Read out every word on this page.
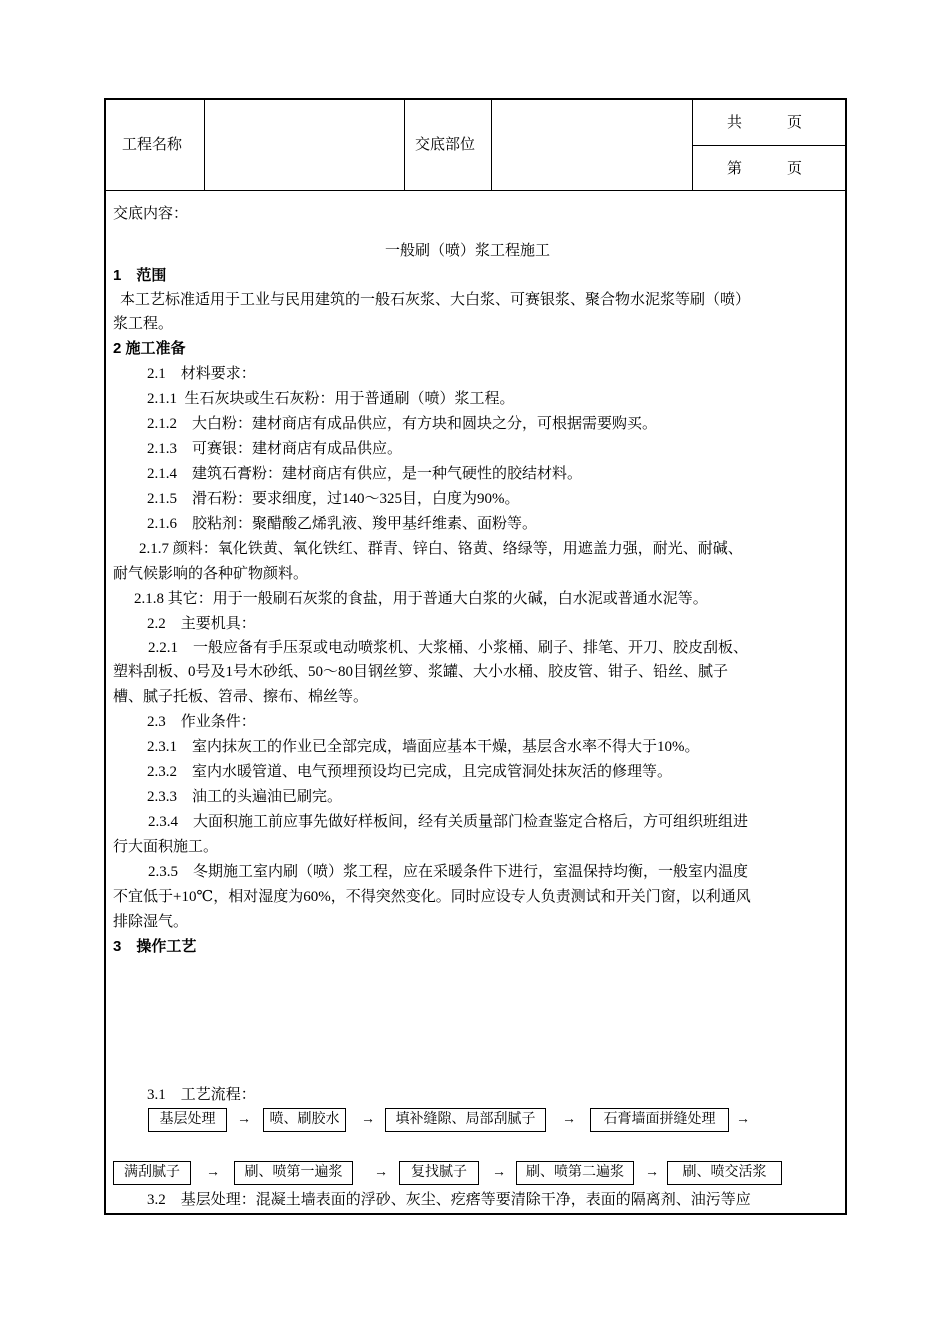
工程名称	交底部位
共　　　页
第　　　页
交底内容：
一般刷（喷）浆工程施工
1　范围
本工艺标准适用于工业与民用建筑的一般石灰浆、大白浆、可赛银浆、聚合物水泥浆等刷（喷）
浆工程。
2 施工准备
2.1　材料要求：
2.1.1  生石灰块或生石灰粉：用于普通刷（喷）浆工程。
2.1.2　大白粉：建材商店有成品供应，有方块和圆块之分，可根据需要购买。
2.1.3　可赛银：建材商店有成品供应。
2.1.4　建筑石膏粉：建材商店有供应，是一种气硬性的胶结材料。
2.1.5　滑石粉：要求细度，过140～325目，白度为90%。
2.1.6　胶粘剂：聚醋酸乙烯乳液、羧甲基纤维素、面粉等。
2.1.7 颜料：氧化铁黄、氧化铁红、群青、锌白、铬黄、络绿等，用遮盖力强，耐光、耐碱、
耐气候影响的各种矿物颜料。
2.1.8 其它：用于一般刷石灰浆的食盐，用于普通大白浆的火碱，白水泥或普通水泥等。
2.2　主要机具：
2.2.1　一般应备有手压泵或电动喷浆机、大浆桶、小浆桶、刷子、排笔、开刀、胶皮刮板、
塑料刮板、0号及1号木砂纸、50～80目钢丝箩、浆罐、大小水桶、胶皮管、钳子、铅丝、腻子
槽、腻子托板、笤帚、擦布、棉丝等。
2.3　作业条件：
2.3.1　室内抹灰工的作业已全部完成，墙面应基本干燥，基层含水率不得大于10%。
2.3.2　室内水暖管道、电气预埋预设均已完成，且完成管洞处抹灰活的修理等。
2.3.3　油工的头遍油已刷完。
2.3.4　大面积施工前应事先做好样板间，经有关质量部门检查鉴定合格后，方可组织班组进
行大面积施工。
2.3.5　冬期施工室内刷（喷）浆工程，应在采暖条件下进行，室温保持均衡，一般室内温度
不宜低于+10℃，相对湿度为60%，不得突然变化。同时应设专人负责测试和开关门窗，以利通风
排除湿气。
3　操作工艺
3.1　工艺流程：
基层处理	→	喷、刷胶水	→	填补缝隙、局部刮腻子	→	石膏墙面拼缝处理	→
满刮腻子	→	刷、喷第一遍浆	→	复找腻子	→	刷、喷第二遍浆	→	刷、喷交活浆
3.2　基层处理：混凝土墙表面的浮砂、灰尘、疙瘩等要清除干净，表面的隔离剂、油污等应
